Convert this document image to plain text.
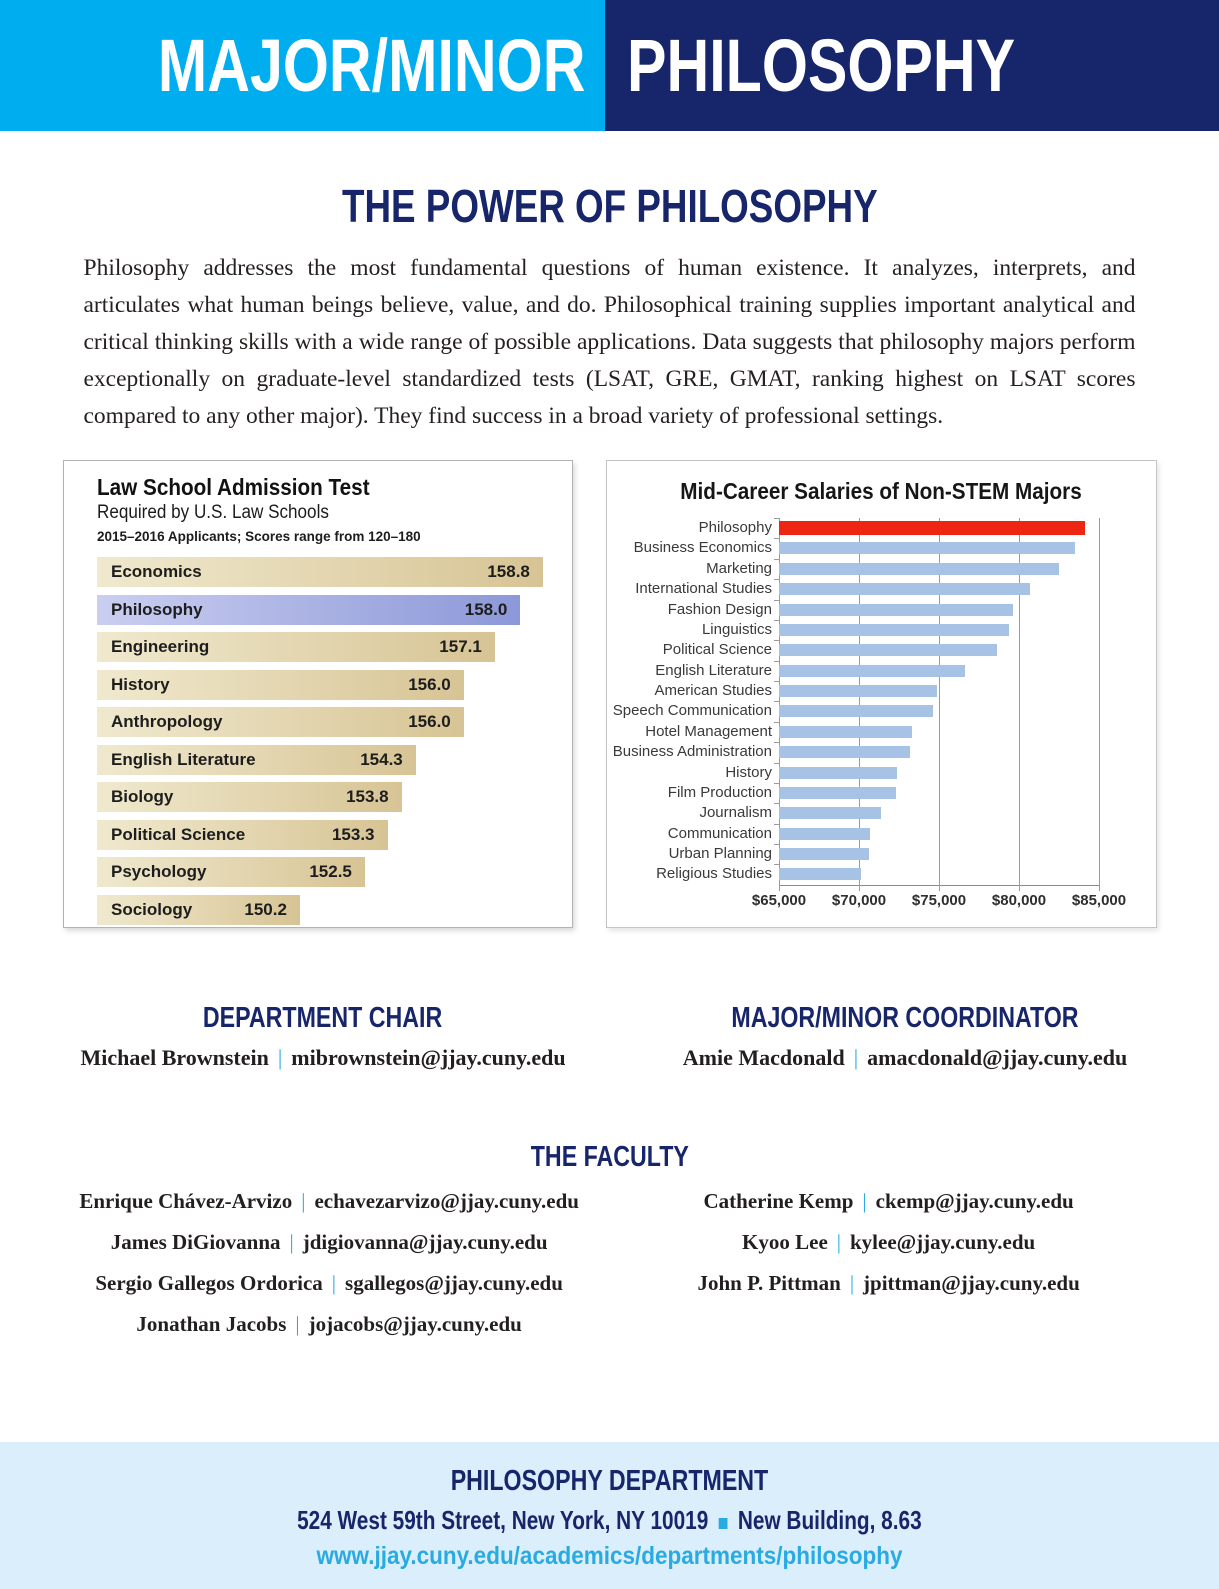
MAJOR/MINOR PHILOSOPHY
THE POWER OF PHILOSOPHY

Philosophy addresses the most fundamental questions of human existence. It analyzes, interprets, and articulates what human beings believe, value, and do. Philosophical training supplies important analytical and critical thinking skills with a wide range of possible applications. Data suggests that philosophy majors perform exceptionally on graduate-level standardized tests (LSAT, GRE, GMAT, ranking highest on LSAT scores compared to any other major). They find success in a broad variety of professional settings.

Law School Admission Test
Required by U.S. Law Schools
2015–2016 Applicants; Scores range from 120–180
Economics	158.8
Philosophy	158.0
Engineering	157.1
History	156.0
Anthropology	156.0
English Literature	154.3
Biology	153.8
Political Science	153.3
Psychology	152.5
Sociology	150.2
Mid-Career Salaries of Non-STEM Majors
Philosophy
Business Economics
Marketing
International Studies
Fashion Design
Linguistics
Political Science
English Literature
American Studies
Speech Communication
Hotel Management
Business Administration
History
Film Production
Journalism
Communication
Urban Planning
Religious Studies
$65,000 $70,000 $75,000 $80,000 $85,000
DEPARTMENT CHAIR
Michael Brownstein | mibrownstein@jjay.cuny.edu
MAJOR/MINOR COORDINATOR
Amie Macdonald | amacdonald@jjay.cuny.edu
THE FACULTY
Enrique Chávez-Arvizo | echavezarvizo@jjay.cuny.edu
James DiGiovanna | jdigiovanna@jjay.cuny.edu
Sergio Gallegos Ordorica | sgallegos@jjay.cuny.edu
Jonathan Jacobs | jojacobs@jjay.cuny.edu
Catherine Kemp | ckemp@jjay.cuny.edu
Kyoo Lee | kylee@jjay.cuny.edu
John P. Pittman | jpittman@jjay.cuny.edu
PHILOSOPHY DEPARTMENT
524 West 59th Street, New York, NY 10019 New Building, 8.63
www.jjay.cuny.edu/academics/departments/philosophy
